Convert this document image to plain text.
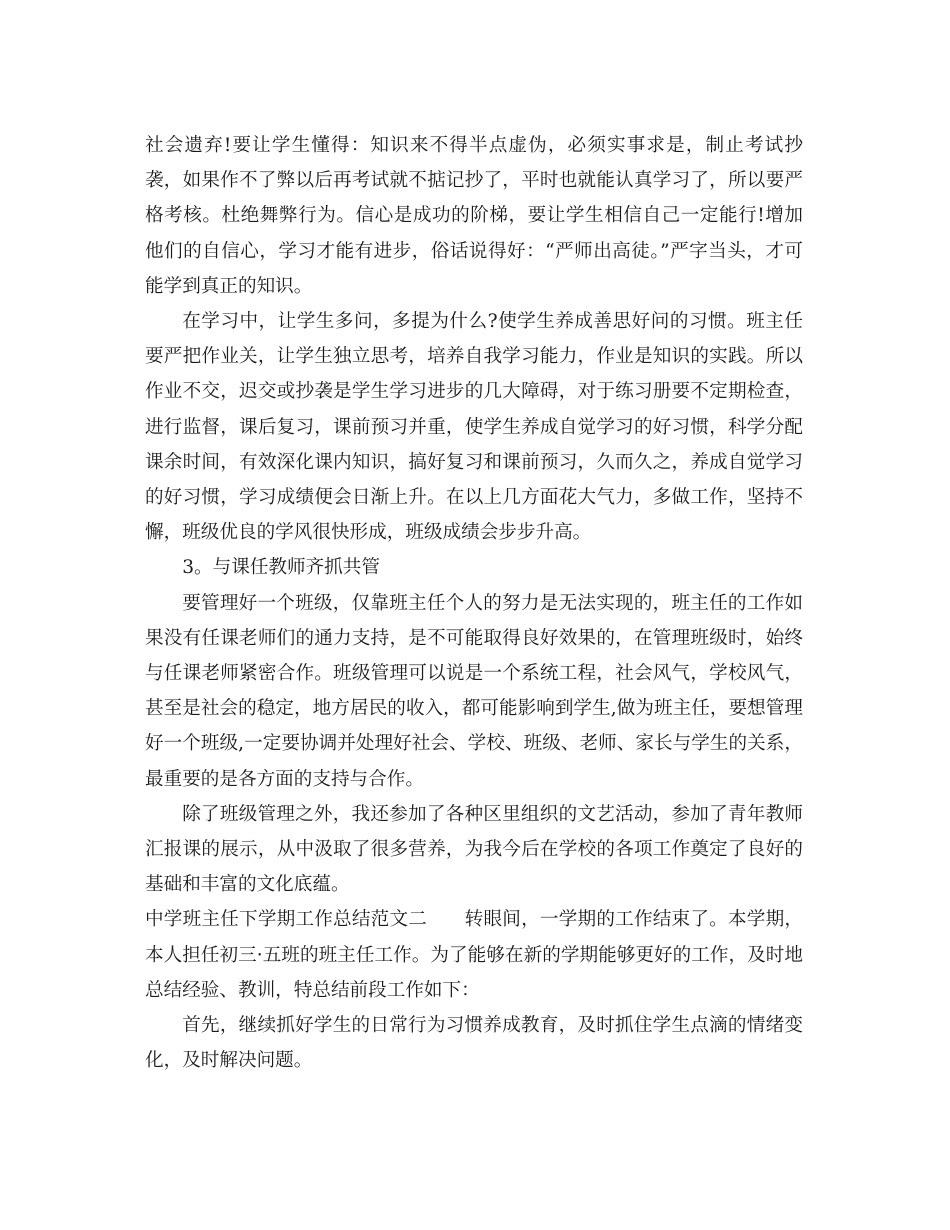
社会遗弃!要让学生懂得：知识来不得半点虚伪，必须实事求是，制止考试抄袭，如果作不了弊以后再考试就不掂记抄了，平时也就能认真学习了，所以要严格考核。杜绝舞弊行为。信心是成功的阶梯，要让学生相信自己一定能行!增加他们的自信心，学习才能有进步，俗话说得好：“严师出高徒。”严字当头，才可能学到真正的知识。

在学习中，让学生多问，多提为什么?使学生养成善思好问的习惯。班主任要严把作业关，让学生独立思考，培养自我学习能力，作业是知识的实践。所以作业不交，迟交或抄袭是学生学习进步的几大障碍，对于练习册要不定期检查，进行监督，课后复习，课前预习并重，使学生养成自觉学习的好习惯，科学分配课余时间，有效深化课内知识，搞好复习和课前预习，久而久之，养成自觉学习的好习惯，学习成绩便会日渐上升。在以上几方面花大气力，多做工作，坚持不懈，班级优良的学风很快形成，班级成绩会步步升高。

3。与课任教师齐抓共管

要管理好一个班级，仅靠班主任个人的努力是无法实现的，班主任的工作如果没有任课老师们的通力支持，是不可能取得良好效果的，在管理班级时，始终与任课老师紧密合作。班级管理可以说是一个系统工程，社会风气，学校风气，甚至是社会的稳定，地方居民的收入，都可能影响到学生,做为班主任，要想管理好一个班级,一定要协调并处理好社会、学校、班级、老师、家长与学生的关系，最重要的是各方面的支持与合作。

除了班级管理之外，我还参加了各种区里组织的文艺活动，参加了青年教师汇报课的展示，从中汲取了很多营养，为我今后在学校的各项工作奠定了良好的基础和丰富的文化底蕴。

中学班主任下学期工作总结范文二　　转眼间，一学期的工作结束了。本学期，本人担任初三·五班的班主任工作。为了能够在新的学期能够更好的工作，及时地总结经验、教训，特总结前段工作如下：

首先，继续抓好学生的日常行为习惯养成教育，及时抓住学生点滴的情绪变化，及时解决问题。
